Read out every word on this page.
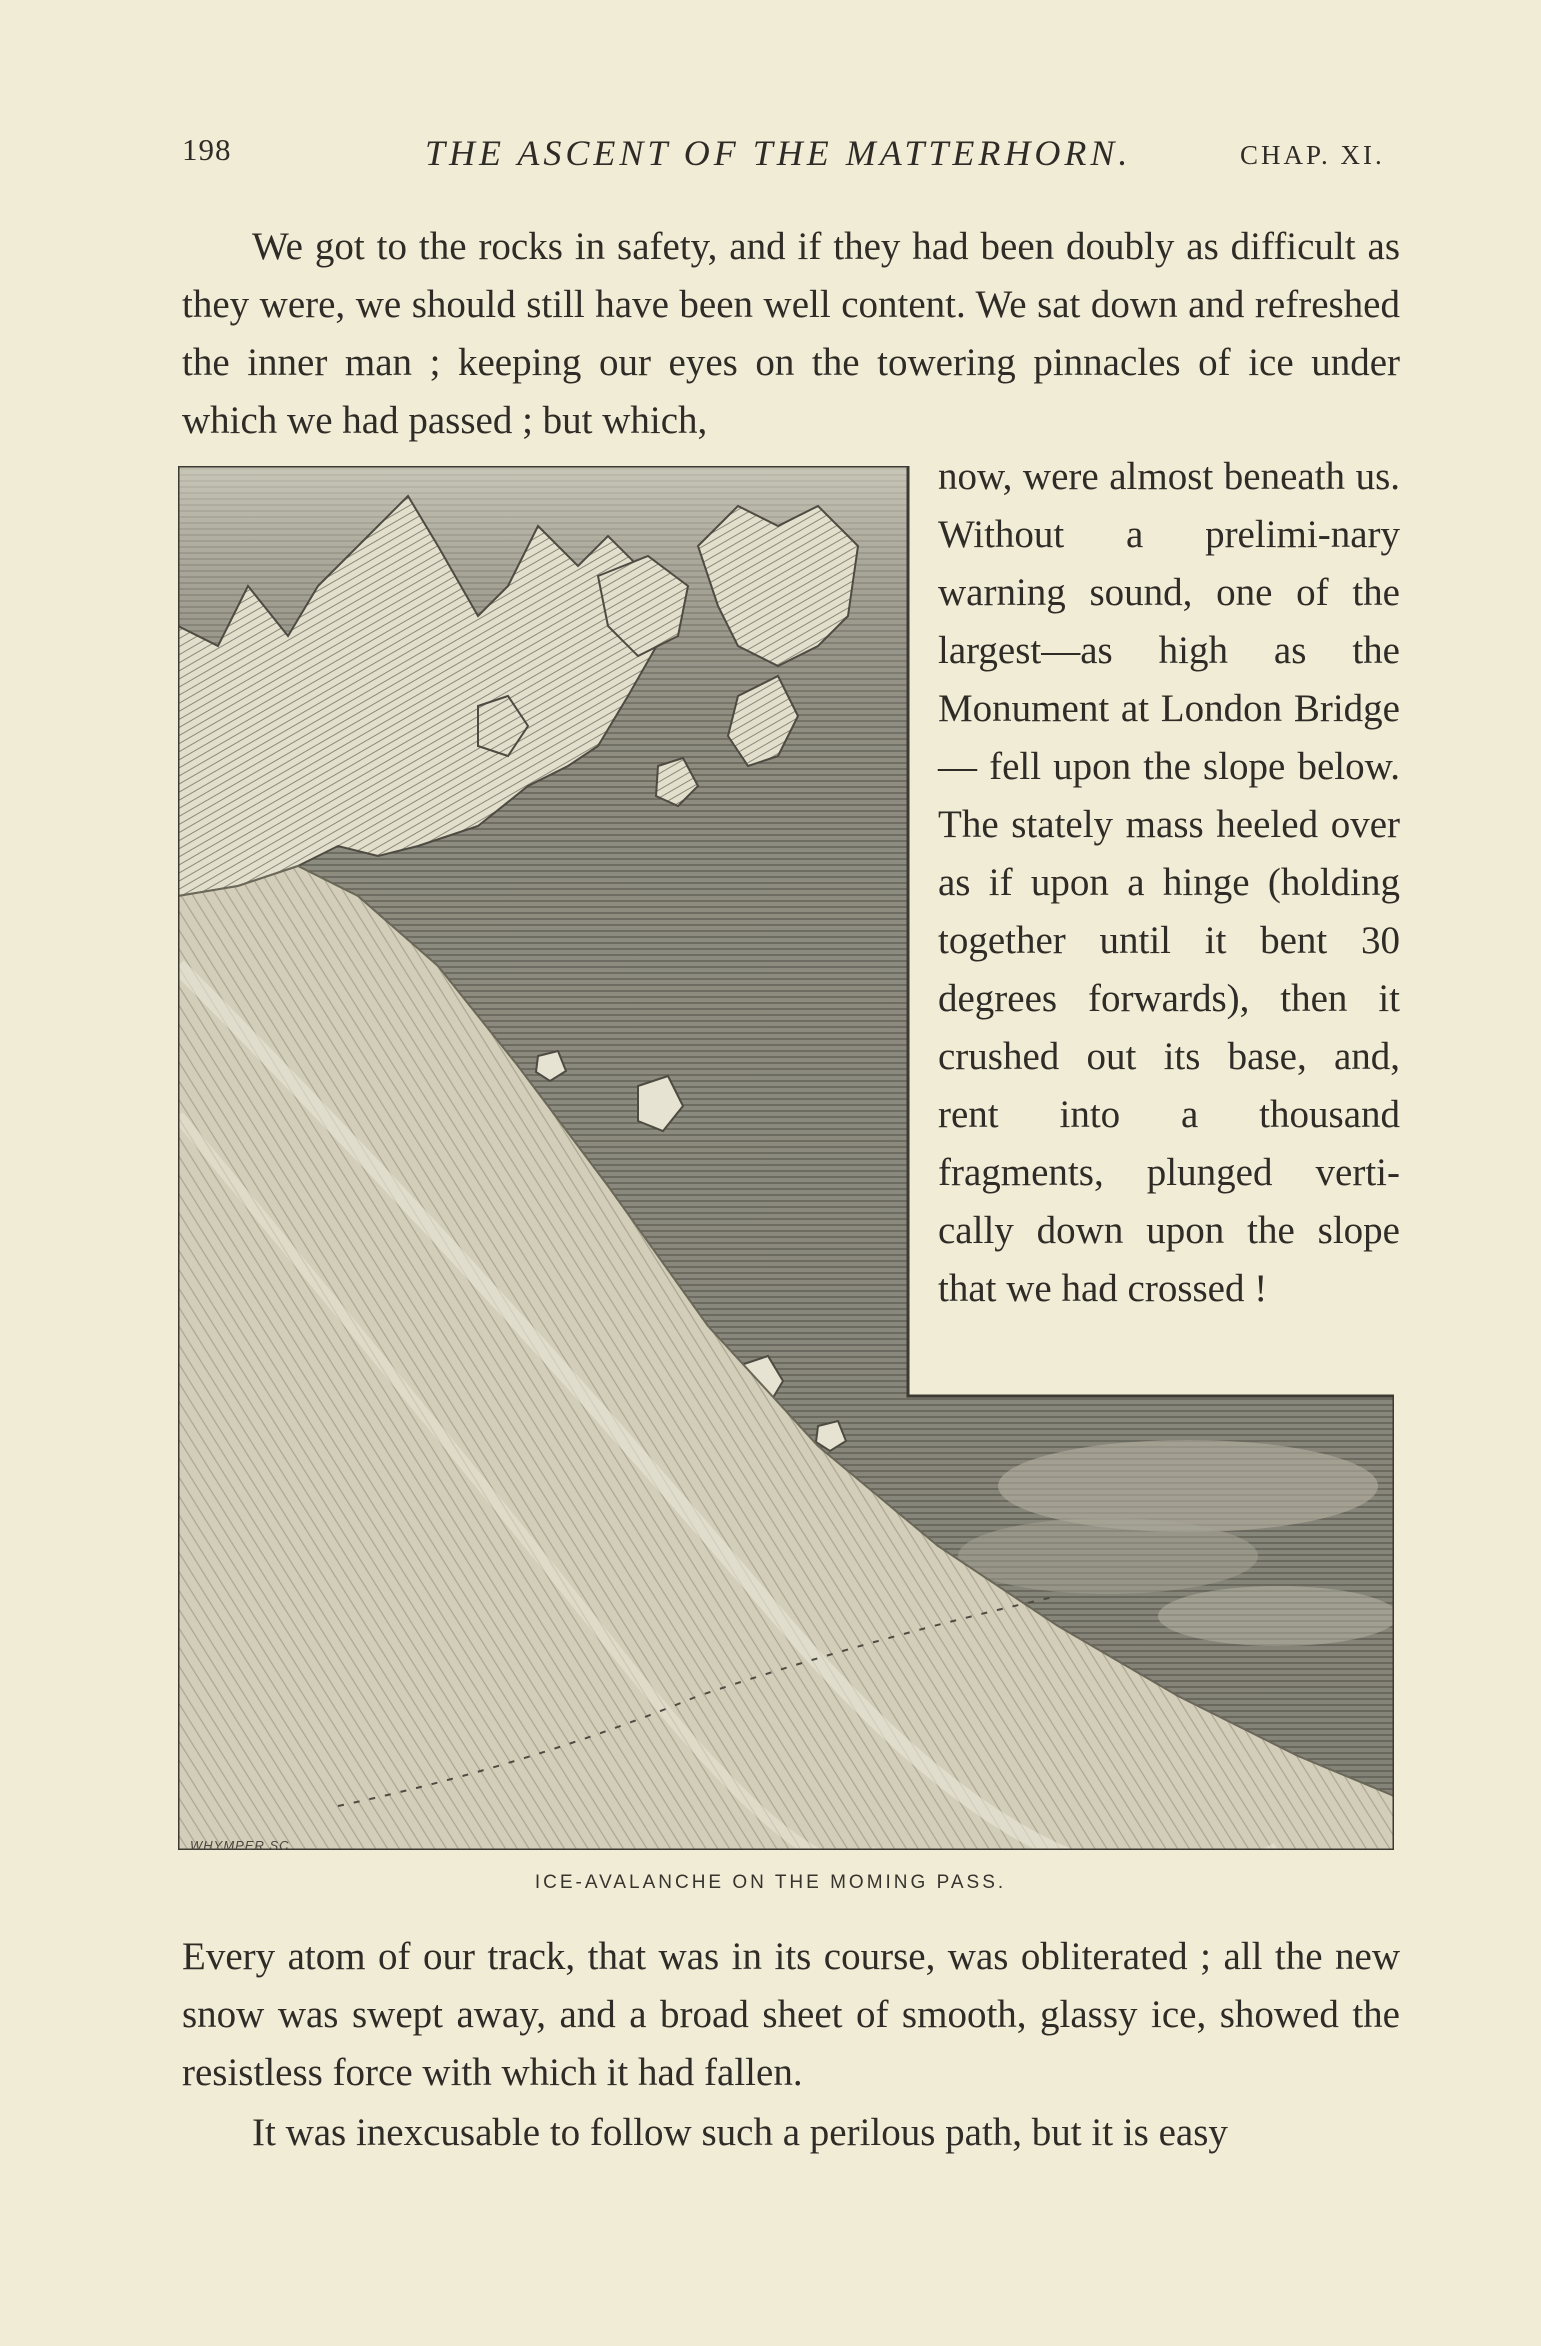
198	THE ASCENT OF THE MATTERHORN.	CHAP. XI.
We got to the rocks in safety, and if they had been doubly as difficult as they were, we should still have been well content. We sat down and refreshed the inner man ; keeping our eyes on the towering pinnacles of ice under which we had passed ; but which,
WHYMPER SC.
now, were almost beneath us. Without a prelimi-nary warning sound, one of the largest—as high as the Monument at London Bridge — fell upon the slope below. The stately mass heeled over as if upon a hinge (holding together until it bent 30 degrees forwards), then it crushed out its base, and, rent into a thousand fragments, plunged verti-cally down upon the slope that we had crossed !
ICE-AVALANCHE ON THE MOMING PASS.
Every atom of our track, that was in its course, was obliterated ; all the new snow was swept away, and a broad sheet of smooth, glassy ice, showed the resistless force with which it had fallen.
It was inexcusable to follow such a perilous path, but it is easy
